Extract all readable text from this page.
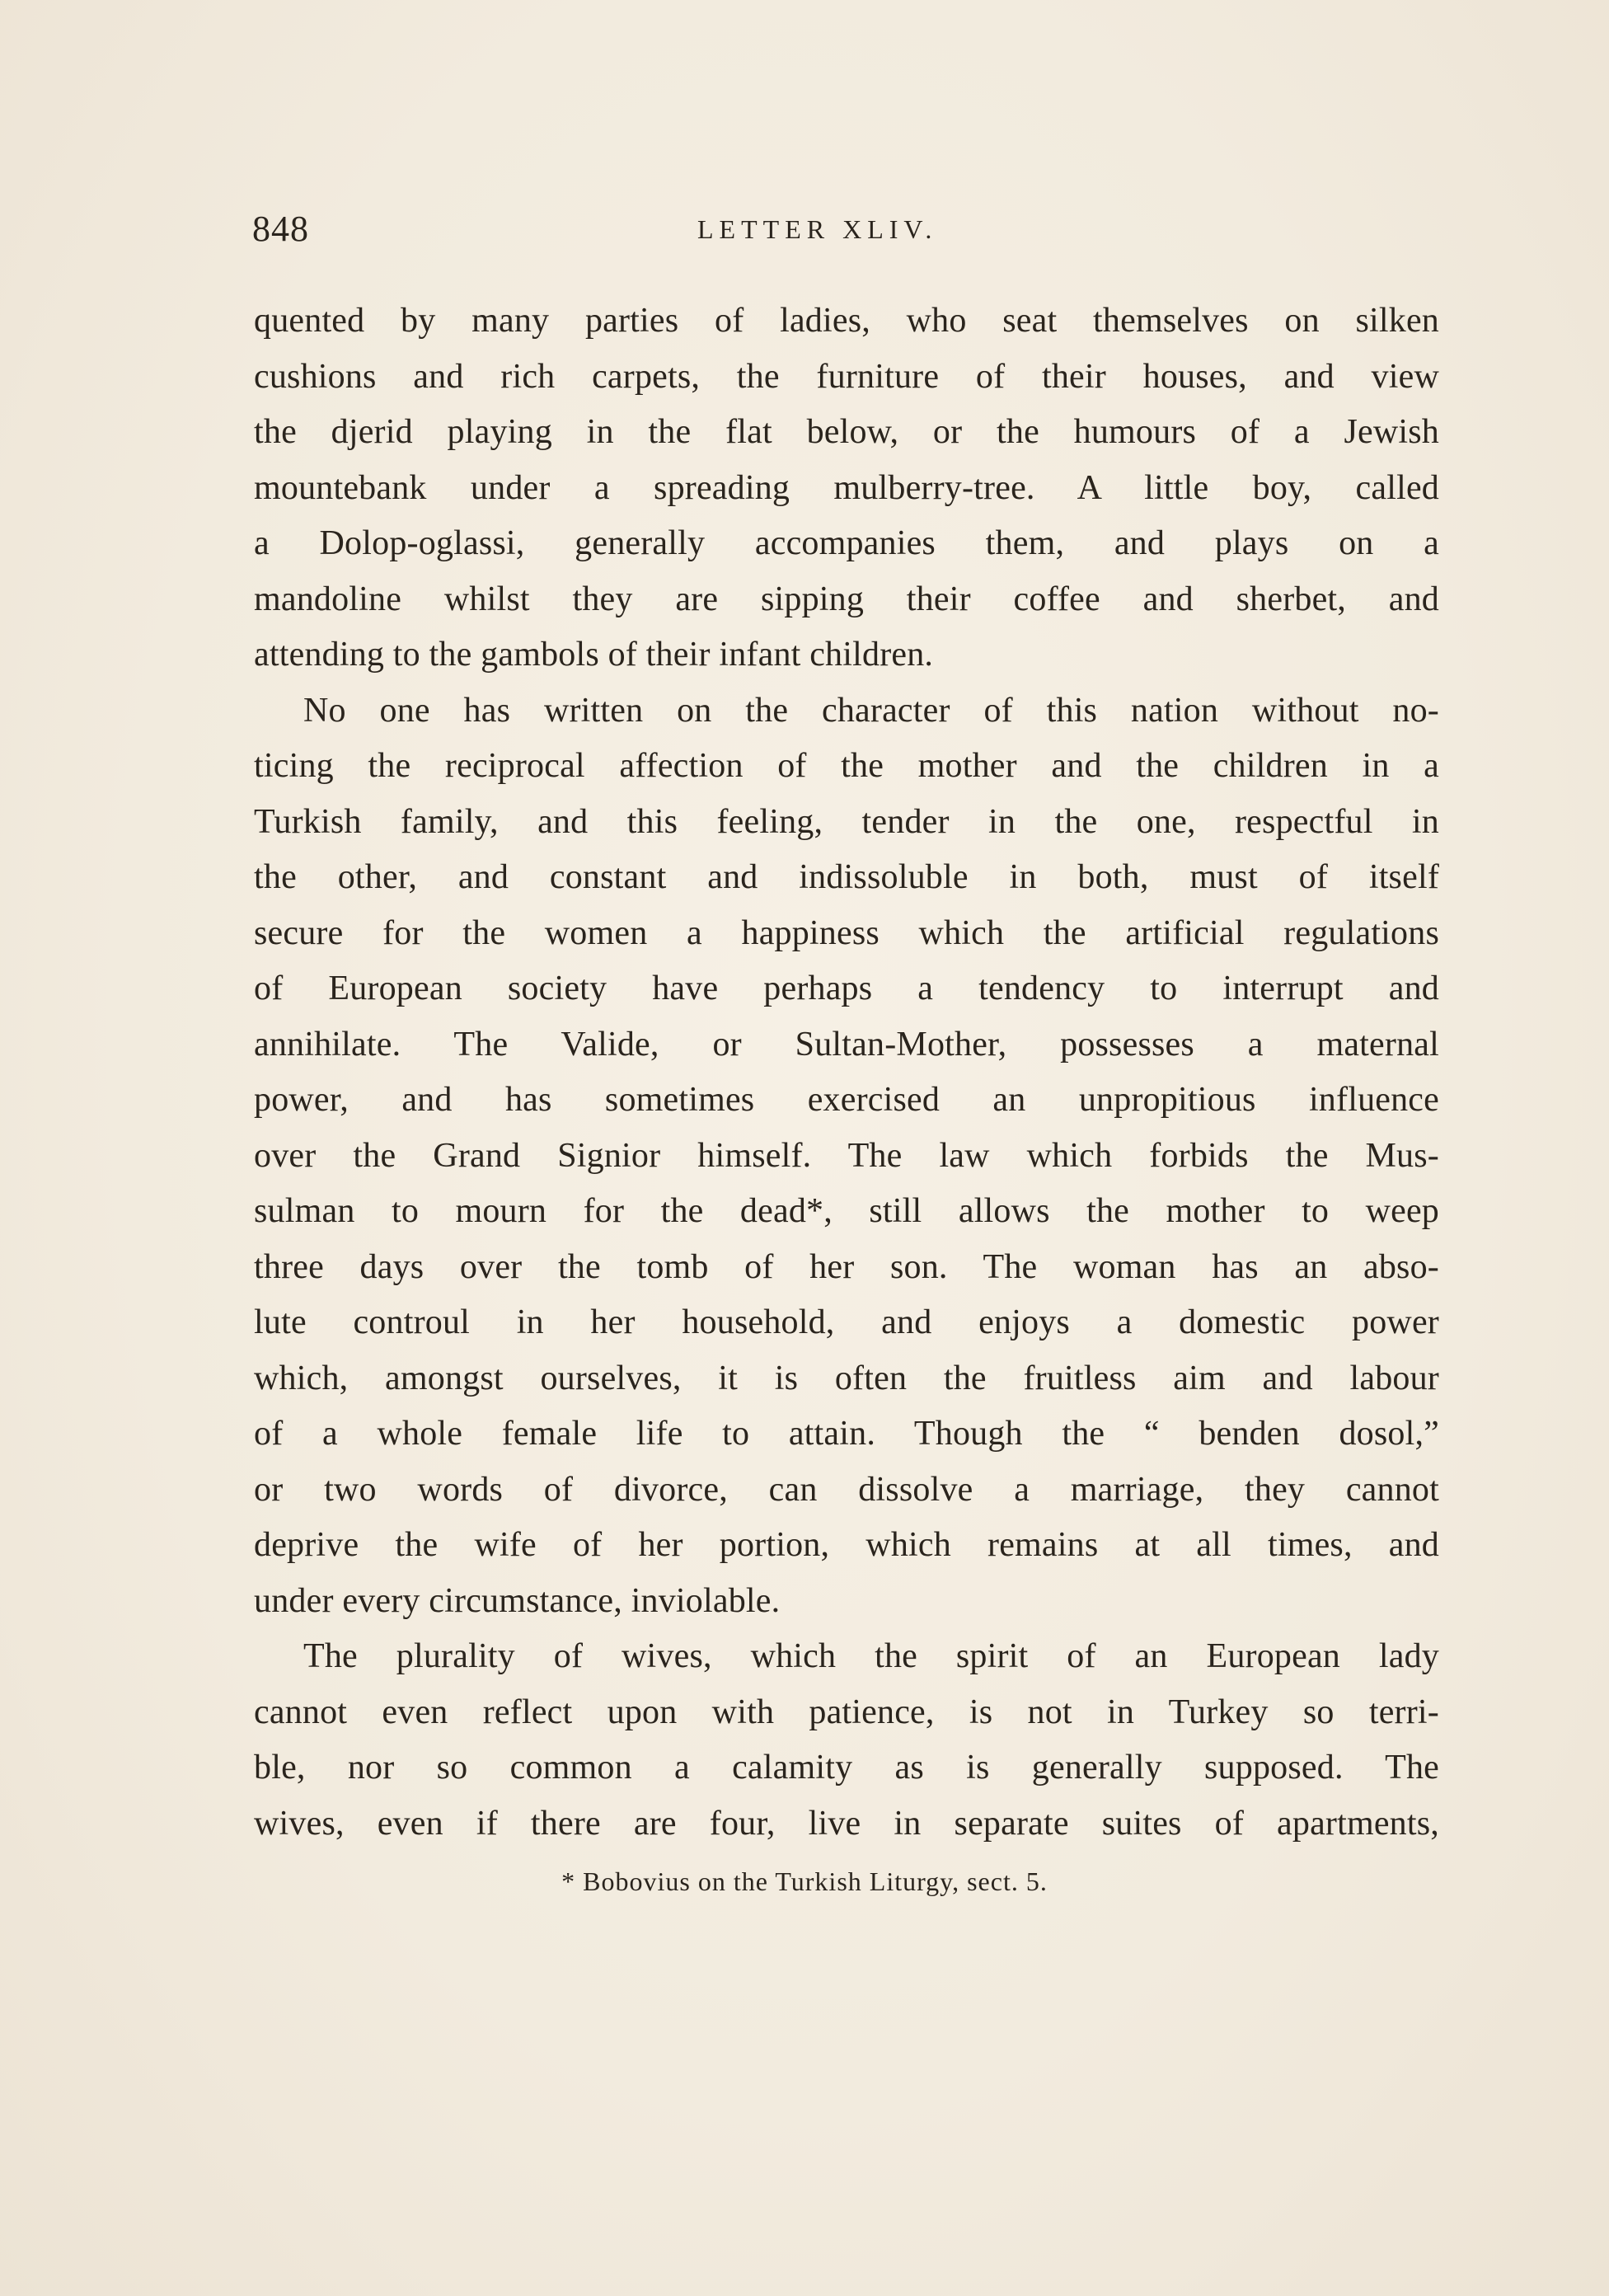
848	LETTER XLIV.
quented by many parties of ladies, who seat themselves on silken
cushions and rich carpets, the furniture of their houses, and view
the djerid playing in the flat below, or the humours of a Jewish
mountebank under a spreading mulberry-tree. A little boy, called
a Dolop-oglassi, generally accompanies them, and plays on a
mandoline whilst they are sipping their coffee and sherbet, and
attending to the gambols of their infant children.
No one has written on the character of this nation without no-
ticing the reciprocal affection of the mother and the children in a
Turkish family, and this feeling, tender in the one, respectful in
the other, and constant and indissoluble in both, must of itself
secure for the women a happiness which the artificial regulations
of European society have perhaps a tendency to interrupt and
annihilate. The Valide, or Sultan-Mother, possesses a maternal
power, and has sometimes exercised an unpropitious influence
over the Grand Signior himself. The law which forbids the Mus-
sulman to mourn for the dead*, still allows the mother to weep
three days over the tomb of her son. The woman has an abso-
lute controul in her household, and enjoys a domestic power
which, amongst ourselves, it is often the fruitless aim and labour
of a whole female life to attain. Though the “ benden dosol,”
or two words of divorce, can dissolve a marriage, they cannot
deprive the wife of her portion, which remains at all times, and
under every circumstance, inviolable.
The plurality of wives, which the spirit of an European lady
cannot even reflect upon with patience, is not in Turkey so terri-
ble, nor so common a calamity as is generally supposed. The
wives, even if there are four, live in separate suites of apartments,
* Bobovius on the Turkish Liturgy, sect. 5.
